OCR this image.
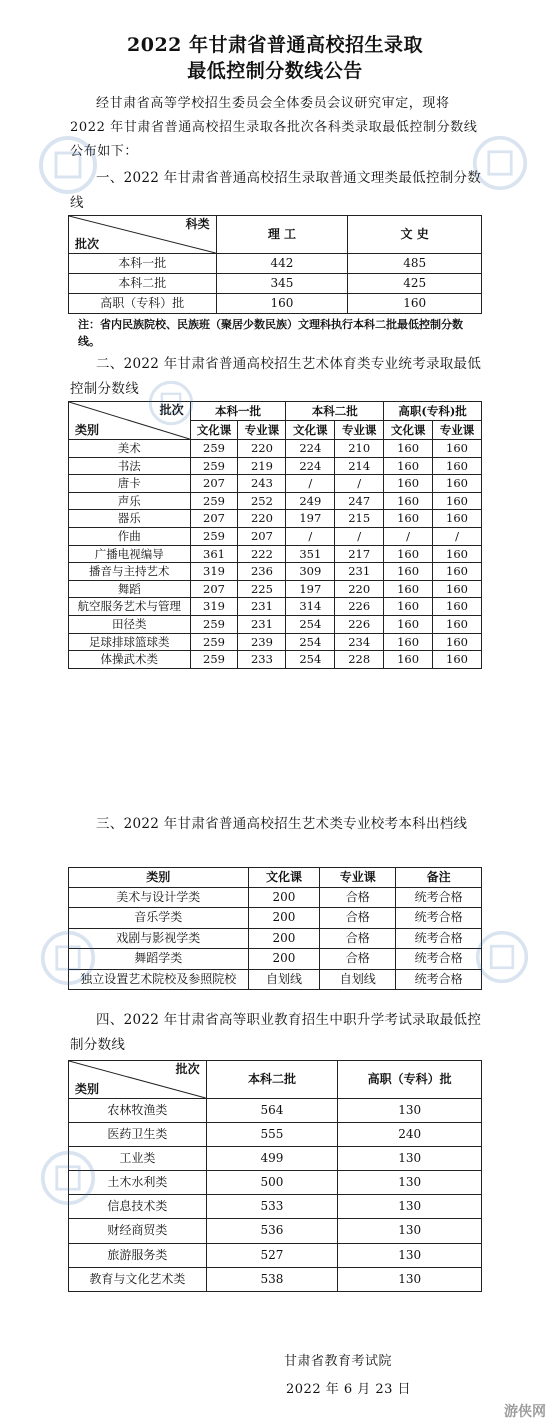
2022 年甘肃省普通高校招生录取
最低控制分数线公告
经甘肃省高等学校招生委员会全体委员会议研究审定，现将 2022 年甘肃省普通高校招生录取各批次各科类录取最低控制分数线公布如下：
一、2022 年甘肃省普通高校招生录取普通文理类最低控制分数线
科类
批次	理 工	文 史
本科一批	442	485
本科二批	345	425
高职（专科）批	160	160
注：省内民族院校、民族班（聚居少数民族）文理科执行本科二批最低控制分数线。
二、2022 年甘肃省普通高校招生艺术体育类专业统考录取最低控制分数线
批次
类别	本科一批		本科二批		高职(专科)批	
	文化课	专业课	文化课	专业课	文化课	专业课
美术	259	220	224	210	160	160
书法	259	219	224	214	160	160
唐卡	207	243	/	/	160	160
声乐	259	252	249	247	160	160
器乐	207	220	197	215	160	160
作曲	259	207	/	/	/	/
广播电视编导	361	222	351	217	160	160
播音与主持艺术	319	236	309	231	160	160
舞蹈	207	225	197	220	160	160
航空服务艺术与管理	319	231	314	226	160	160
田径类	259	231	254	226	160	160
足球排球篮球类	259	239	254	234	160	160
体操武术类	259	233	254	228	160	160
三、2022 年甘肃省普通高校招生艺术类专业校考本科出档线
类别	文化课	专业课	备注
美术与设计学类	200	合格	统考合格
音乐学类	200	合格	统考合格
戏剧与影视学类	200	合格	统考合格
舞蹈学类	200	合格	统考合格
独立设置艺术院校及参照院校	自划线	自划线	统考合格
四、2022 年甘肃省高等职业教育招生中职升学考试录取最低控制分数线
批次
类别	本科二批	高职（专科）批
农林牧渔类	564	130
医药卫生类	555	240
工业类	499	130
土木水利类	500	130
信息技术类	533	130
财经商贸类	536	130
旅游服务类	527	130
教育与文化艺术类	538	130
甘肃省教育考试院
2022 年 6 月 23 日
游侠网
